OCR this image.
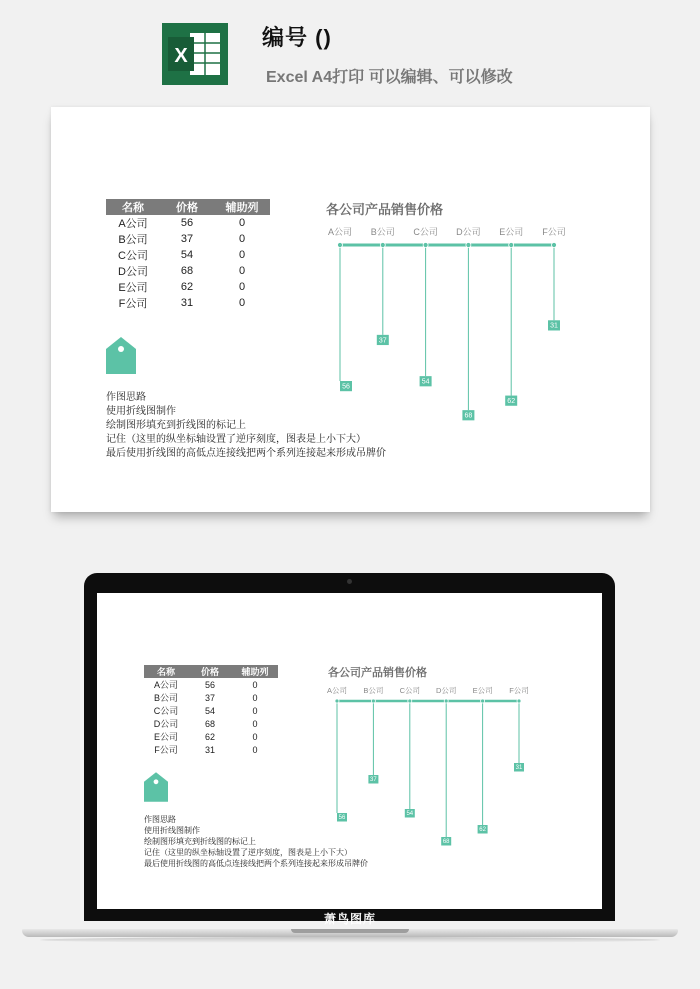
X
编号 ()
Excel A4打印 可以编辑、可以修改
名称	价格	辅助列
A公司	56	0
B公司	37	0
C公司	54	0
D公司	68	0
E公司	62	0
F公司	31	0
作图思路
使用折线图制作
绘制图形填充到折线图的标记上
记住（这里的纵坐标轴设置了逆序刻度，图表是上小下大）
最后使用折线图的高低点连接线把两个系列连接起来形成吊牌价
各公司产品销售价格
A公司
56
B公司
37
C公司
54
D公司
68
E公司
62
F公司
31
名称	价格	辅助列
A公司	56	0
B公司	37	0
C公司	54	0
D公司	68	0
E公司	62	0
F公司	31	0
作图思路
使用折线图制作
绘制图形填充到折线图的标记上
记住（这里的纵坐标轴设置了逆序刻度，图表是上小下大）
最后使用折线图的高低点连接线把两个系列连接起来形成吊牌价
各公司产品销售价格
A公司
56
B公司
37
C公司
54
D公司
68
E公司
62
F公司
31
萧鸟图库
